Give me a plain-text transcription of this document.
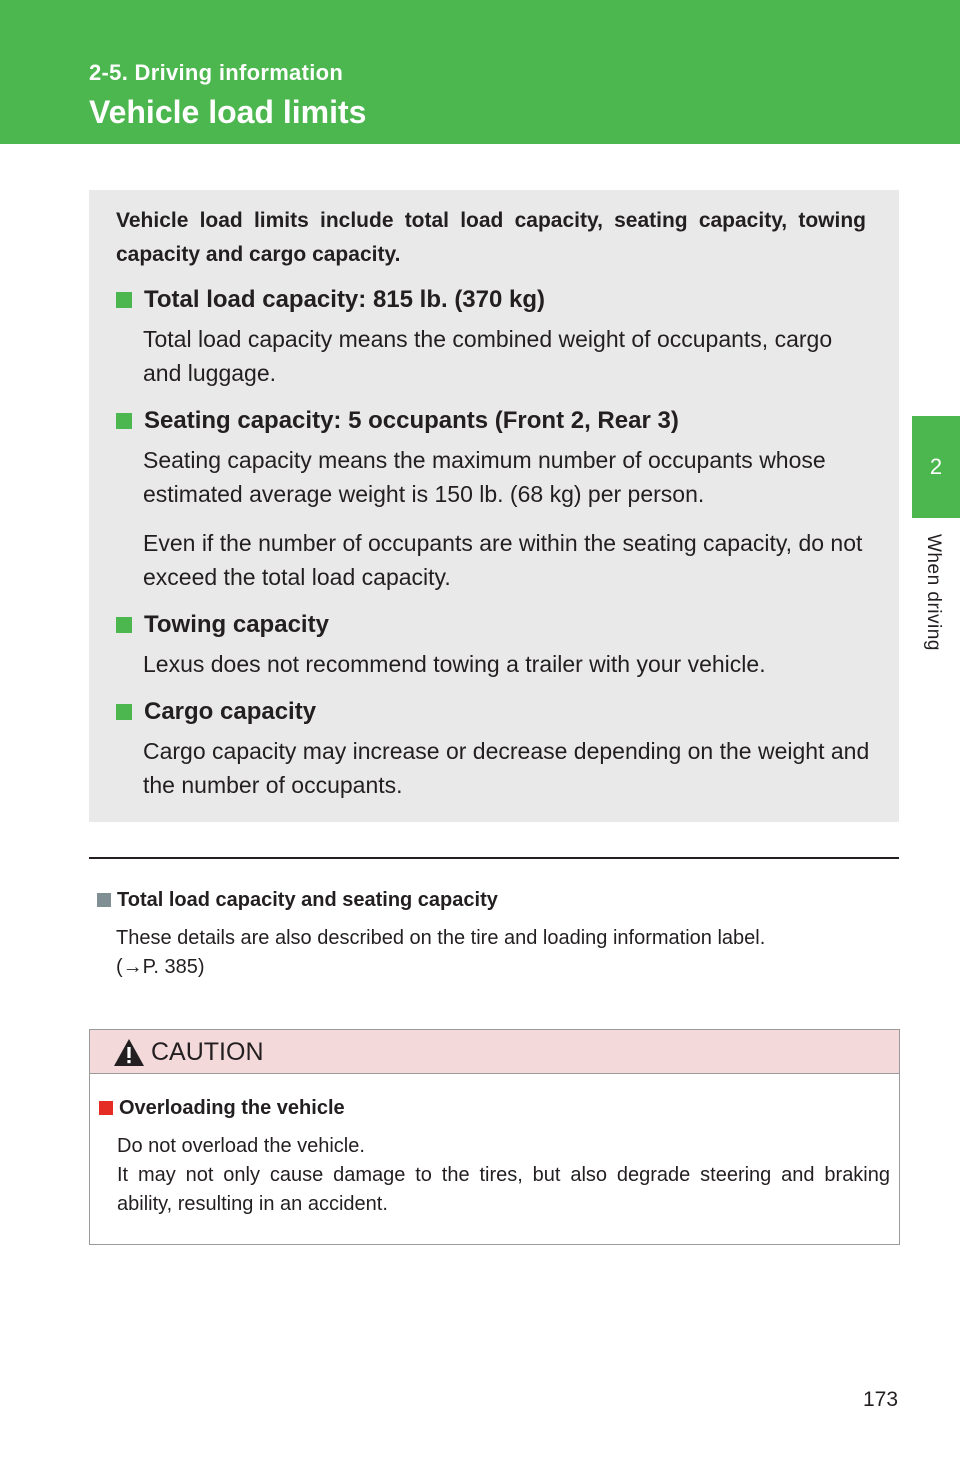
2-5. Driving information
Vehicle load limits
2
When driving
Vehicle load limits include total load capacity, seating capacity, towing capacity and cargo capacity.
Total load capacity: 815 lb. (370 kg)

Total load capacity means the combined weight of occupants, cargo and luggage.

Seating capacity: 5 occupants (Front 2, Rear 3)

Seating capacity means the maximum number of occupants whose estimated average weight is 150 lb. (68 kg) per person.

Even if the number of occupants are within the seating capacity, do not exceed the total load capacity.

Towing capacity

Lexus does not recommend towing a trailer with your vehicle.

Cargo capacity

Cargo capacity may increase or decrease depending on the weight and the number of occupants.

Total load capacity and seating capacity
These details are also described on the tire and loading information label.
(→P. 385)
CAUTION
Overloading the vehicle

Do not overload the vehicle.

It may not only cause damage to the tires, but also degrade steering and braking ability, resulting in an accident.

173
